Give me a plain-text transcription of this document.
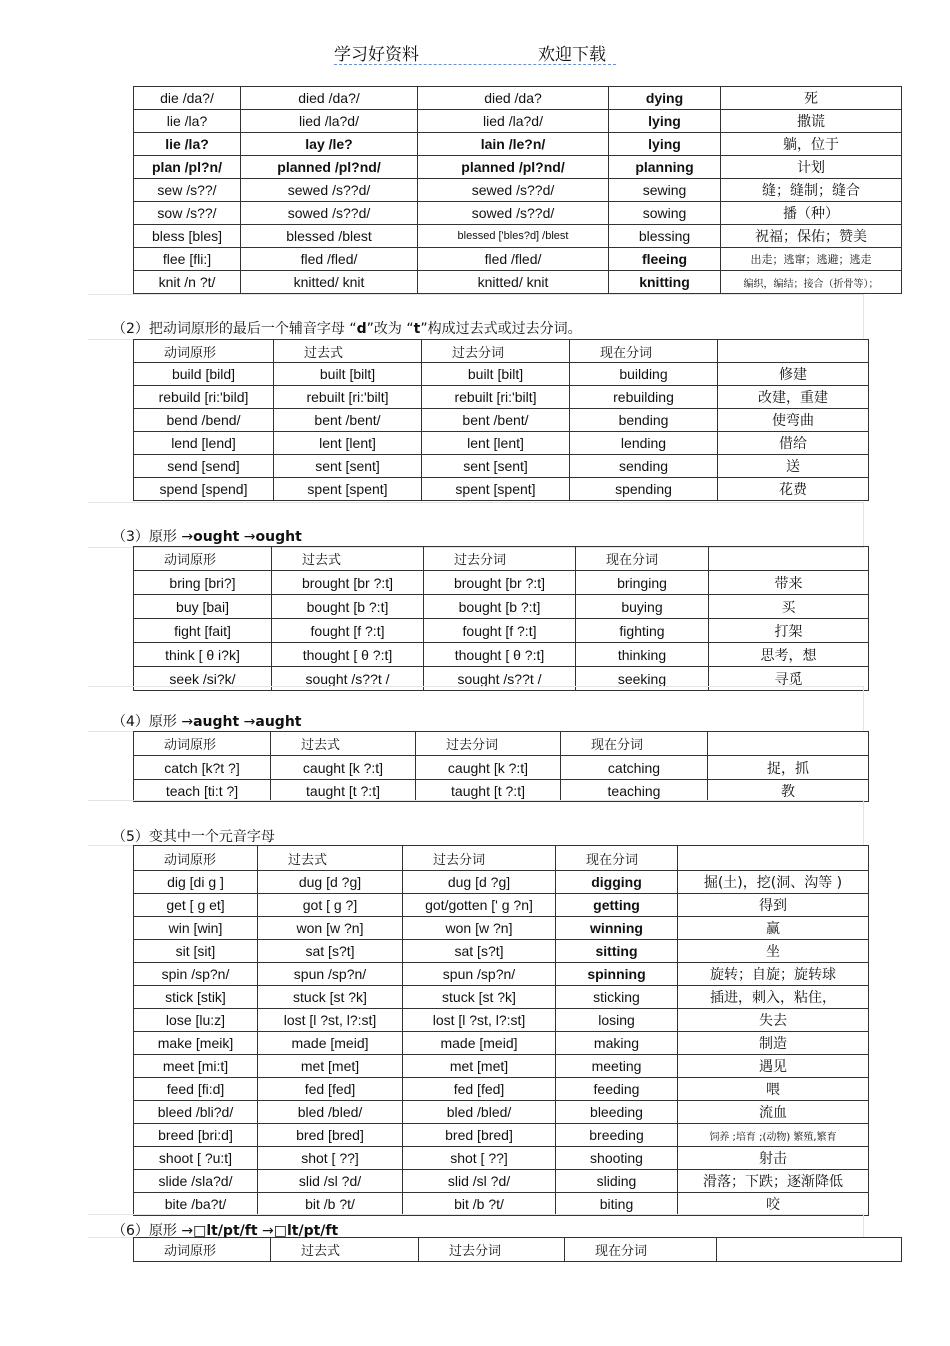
学习好资料	欢迎下载
die /da?/	died /da?/	died /da?	dying	死
lie /la?	lied /la?d/	lied /la?d/	lying	撒谎
lie /la?	lay /le?	lain /le?n/	lying	躺，位于
plan /pl?n/	planned /pl?nd/	planned /pl?nd/	planning	计划
sew /s??/	sewed /s??d/	sewed /s??d/	sewing	缝；缝制；缝合
sow /s??/	sowed /s??d/	sowed /s??d/	sowing	播（种）
bless [bles]	blessed /blest	blessed ['bles?d] /blest	blessing	祝福；保佑；赞美
flee [fli:]	fled /fled/	fled /fled/	fleeing	出走；逃窜；逃避；逃走
knit /n ?t/	knitted/ knit	knitted/ knit	knitting	编织，编结；接合（折骨等）；
（2）把动词原形的最后一个辅音字母 “d”改为 “t”构成过去式或过去分词。
动词原形	过去式	过去分词	现在分词	
build [bild]	built [bilt]	built [bilt]	building	修建
rebuild [ri:'bild]	rebuilt [ri:'bilt]	rebuilt [ri:'bilt]	rebuilding	改建，重建
bend /bend/	bent /bent/	bent /bent/	bending	使弯曲
lend [lend]	lent [lent]	lent [lent]	lending	借给
send [send]	sent [sent]	sent [sent]	sending	送
spend [spend]	spent [spent]	spent [spent]	spending	花费
（3）原形 →ought →ought
动词原形	过去式	过去分词	现在分词	
bring [bri?]	brought [br ?:t]	brought [br ?:t]	bringing	带来
buy [bai]	bought [b ?:t]	bought [b ?:t]	buying	买
fight [fait]	fought [f ?:t]	fought [f ?:t]	fighting	打架
think [ θ i?k]	thought [ θ ?:t]	thought [ θ ?:t]	thinking	思考，想
seek /si?k/	sought /s??t /	sought /s??t /	seeking	寻觅
（4）原形 →aught →aught
动词原形	过去式	过去分词	现在分词	
catch [k?t ?]	caught [k ?:t]	caught [k ?:t]	catching	捉，抓
teach [ti:t ?]	taught [t ?:t]	taught [t ?:t]	teaching	教
（5）变其中一个元音字母
动词原形	过去式	过去分词	现在分词	
dig [di g ]	dug [d ?g]	dug [d ?g]	digging	掘(土)，挖(洞、沟等 )
get [ g et]	got [ g ?]	got/gotten [' g ?n]	getting	得到
win [win]	won [w ?n]	won [w ?n]	winning	赢
sit [sit]	sat [s?t]	sat [s?t]	sitting	坐
spin /sp?n/	spun /sp?n/	spun /sp?n/	spinning	旋转；自旋；旋转球
stick [stik]	stuck [st ?k]	stuck [st ?k]	sticking	插进，刺入，粘住，
lose [lu:z]	lost [l ?st, l?:st]	lost [l ?st, l?:st]	losing	失去
make [meik]	made [meid]	made [meid]	making	制造
meet [mi:t]	met [met]	met [met]	meeting	遇见
feed [fi:d]	fed [fed]	fed [fed]	feeding	喂
bleed /bli?d/	bled /bled/	bled /bled/	bleeding	流血
breed [bri:d]	bred [bred]	bred [bred]	breeding	饲养 ;培育 ;(动物) 繁殖,繁育
shoot [ ?u:t]	shot [ ??]	shot [ ??]	shooting	射击
slide /sla?d/	slid /sl ?d/	slid /sl ?d/	sliding	滑落；下跌；逐渐降低
bite /ba?t/	bit /b ?t/	bit /b ?t/	biting	咬
（6）原形 →□lt/pt/ft →□lt/pt/ft
动词原形	过去式	过去分词	现在分词	
